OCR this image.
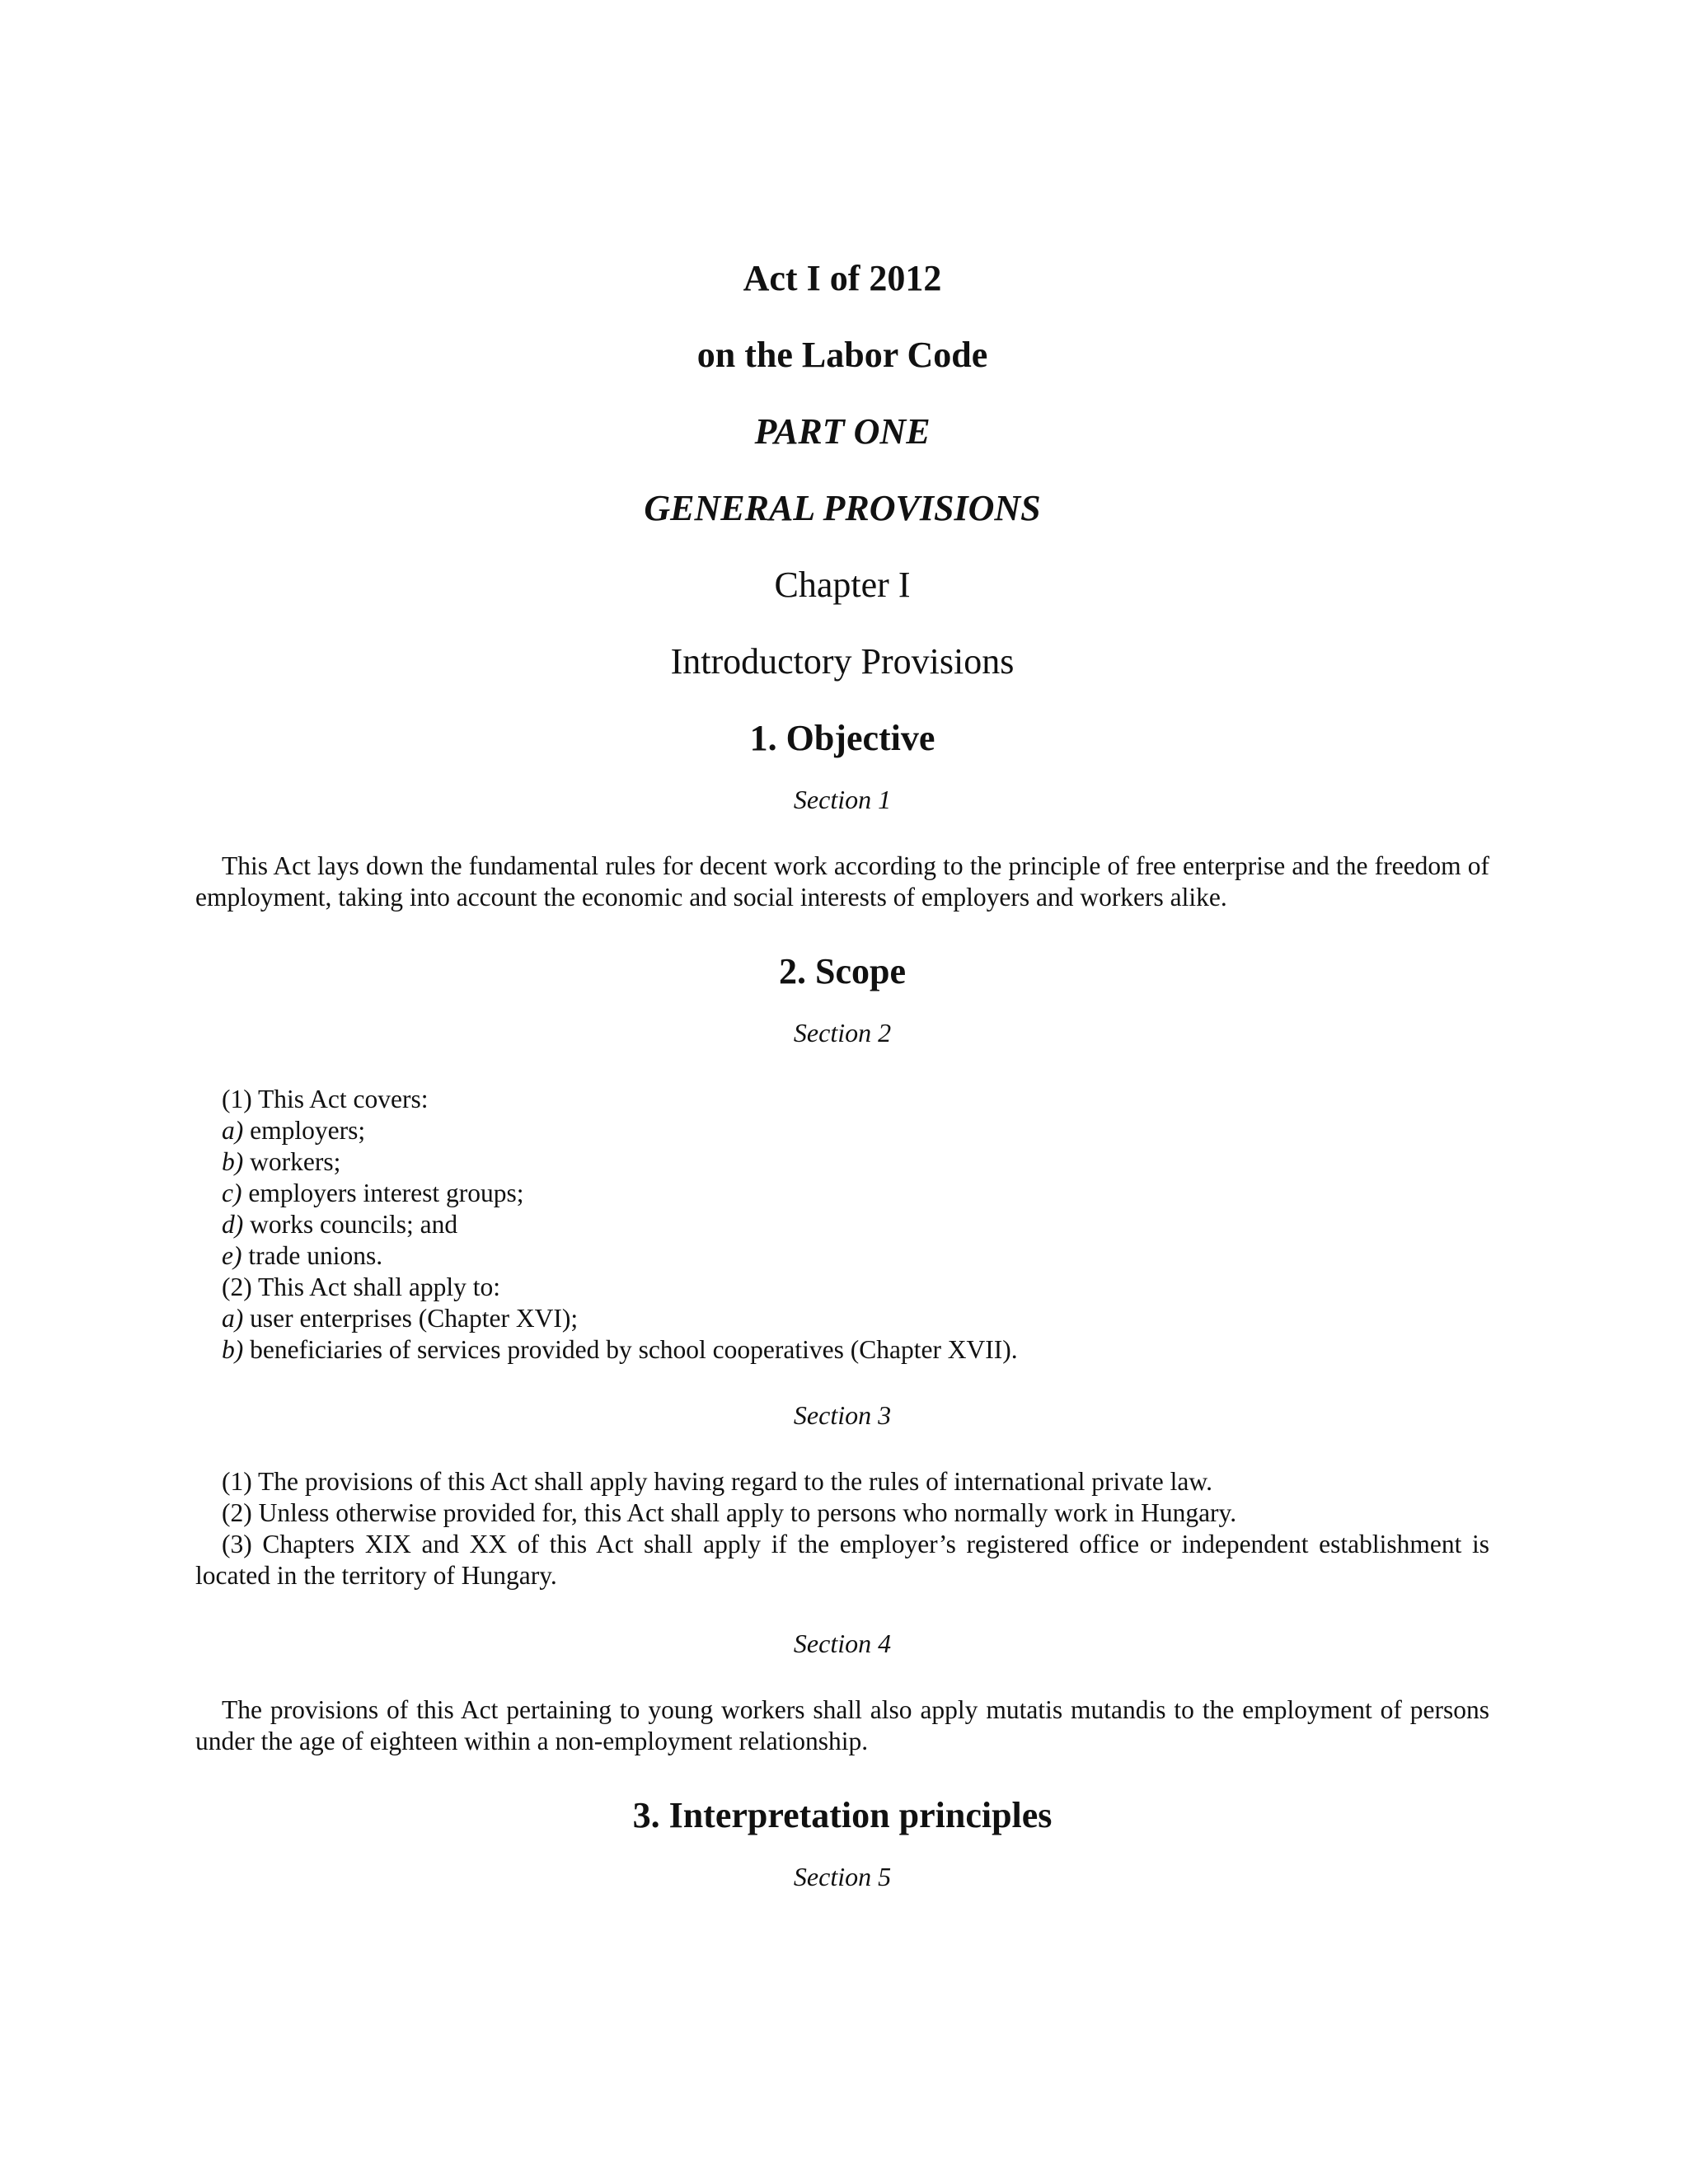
Act I of 2012
on the Labor Code
PART ONE
GENERAL PROVISIONS
Chapter I
Introductory Provisions
1. Objective
Section 1

This Act lays down the fundamental rules for decent work according to the principle of free enterprise and the freedom of employment, taking into account the economic and social interests of employers and workers alike.

2. Scope
Section 2

(1) This Act covers:

a) employers;

b) workers;

c) employers interest groups;

d) works councils; and

e) trade unions.

(2) This Act shall apply to:

a) user enterprises (Chapter XVI);

b) beneficiaries of services provided by school cooperatives (Chapter XVII).

Section 3

(1) The provisions of this Act shall apply having regard to the rules of international private law.

(2) Unless otherwise provided for, this Act shall apply to persons who normally work in Hungary.

(3) Chapters XIX and XX of this Act shall apply if the employer’s registered office or independent establishment is located in the territory of Hungary.

Section 4

The provisions of this Act pertaining to young workers shall also apply mutatis mutandis to the employment of persons under the age of eighteen within a non-employment relationship.

3. Interpretation principles
Section 5
